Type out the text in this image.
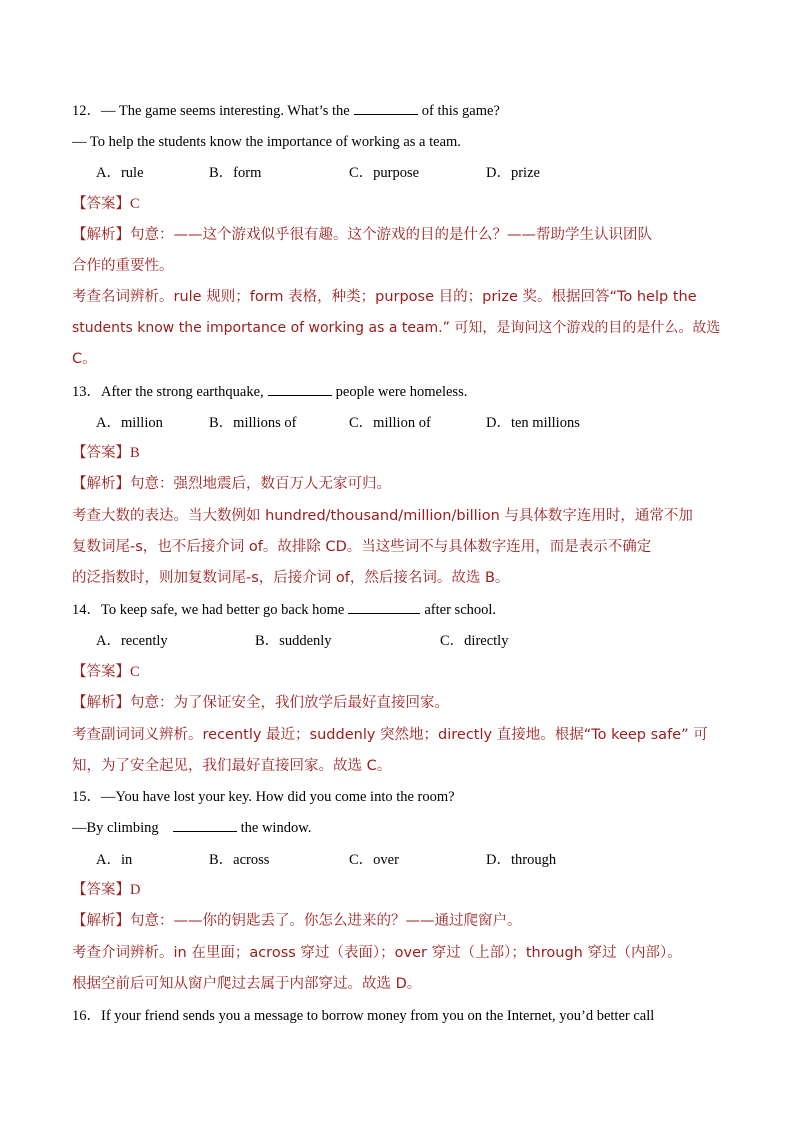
12．— The game seems interesting. What’s the	of this game?
— To help the students know the importance of working as a team.
A．rule	B．form	C．purpose	D．prize
【答案】C
【解析】句意：——这个游戏似乎很有趣。这个游戏的目的是什么？——帮助学生认识团队
合作的重要性。
考查名词辨析。rule 规则；form 表格，种类；purpose 目的；prize 奖。根据回答“To help the
students know the importance of working as a team.” 可知，是询问这个游戏的目的是什么。故选
C。
13．After the strong earthquake,	people were homeless.
A．million	B．millions of	C．million of	D．ten millions
【答案】B
【解析】句意：强烈地震后，数百万人无家可归。
考查大数的表达。当大数例如 hundred/thousand/million/billion 与具体数字连用时，通常不加
复数词尾-s，也不后接介词 of。故排除 CD。当这些词不与具体数字连用，而是表示不确定
的泛指数时，则加复数词尾-s，后接介词 of，然后接名词。故选 B。
14．To keep safe, we had better go back home	after school.
A．recently	B．suddenly	C．directly
【答案】C
【解析】句意：为了保证安全，我们放学后最好直接回家。
考查副词词义辨析。recently 最近；suddenly 突然地；directly 直接地。根据“To keep safe” 可
知，为了安全起见，我们最好直接回家。故选 C。
15．—You have lost your key. How did you come into the room?
—By climbing	the window.
A．in	B．across	C．over	D．through
【答案】D
【解析】句意：——你的钥匙丢了。你怎么进来的？——通过爬窗户。
考查介词辨析。in 在里面；across 穿过（表面）；over 穿过（上部）；through 穿过（内部）。
根据空前后可知从窗户爬过去属于内部穿过。故选 D。
16．If your friend sends you a message to borrow money from you on the Internet, you’d better call
